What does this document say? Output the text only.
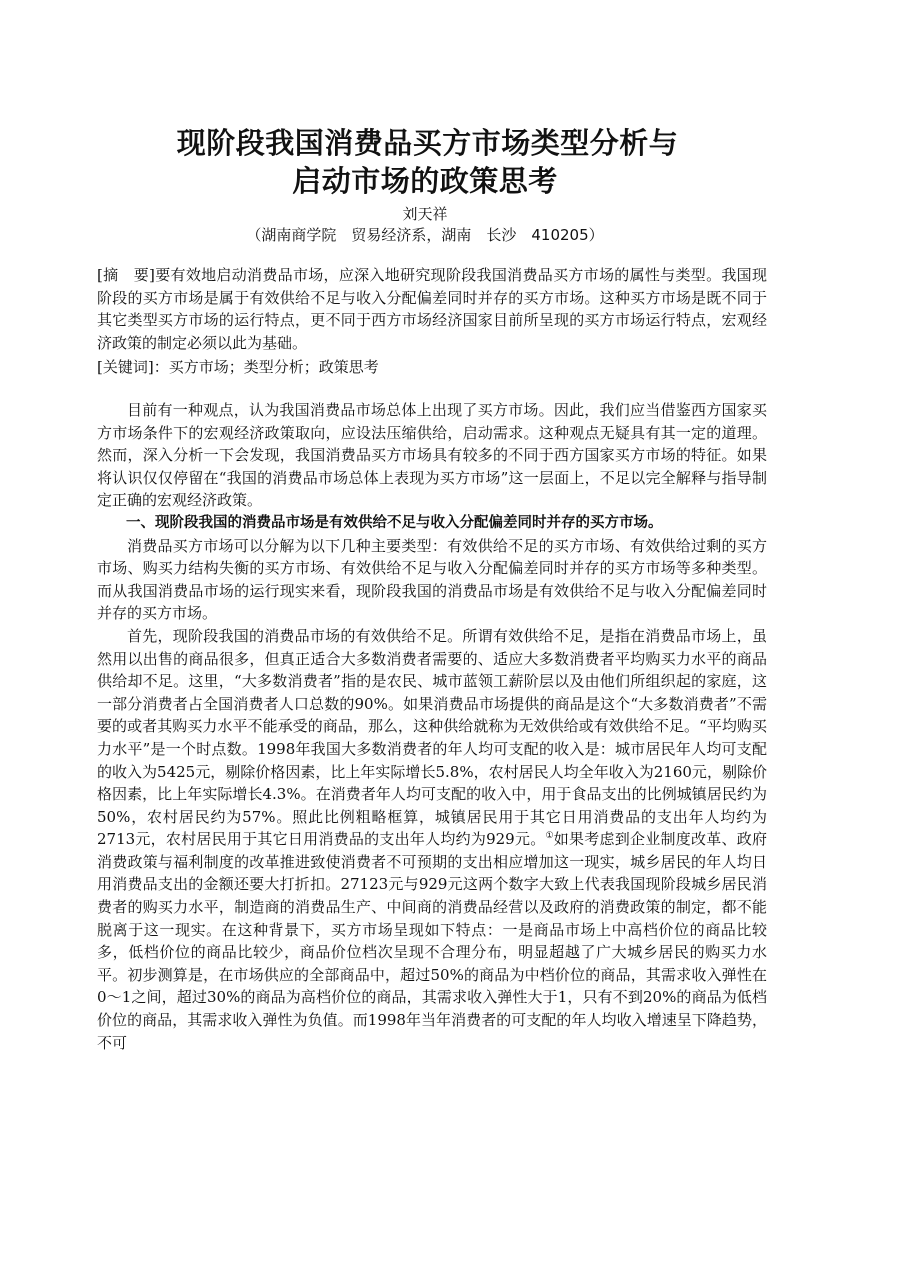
现阶段我国消费品买方市场类型分析与
启动市场的政策思考
刘天祥
（湖南商学院　贸易经济系，湖南　长沙　410205）
[摘　要]要有效地启动消费品市场，应深入地研究现阶段我国消费品买方市场的属性与类型。我国现阶段的买方市场是属于有效供给不足与收入分配偏差同时并存的买方市场。这种买方市场是既不同于其它类型买方市场的运行特点，更不同于西方市场经济国家目前所呈现的买方市场运行特点，宏观经济政策的制定必须以此为基础。
[关键词]：买方市场；类型分析；政策思考

目前有一种观点，认为我国消费品市场总体上出现了买方市场。因此，我们应当借鉴西方国家买方市场条件下的宏观经济政策取向，应设法压缩供给，启动需求。这种观点无疑具有其一定的道理。然而，深入分析一下会发现，我国消费品买方市场具有较多的不同于西方国家买方市场的特征。如果将认识仅仅停留在“我国的消费品市场总体上表现为买方市场”这一层面上，不足以完全解释与指导制定正确的宏观经济政策。

一、现阶段我国的消费品市场是有效供给不足与收入分配偏差同时并存的买方市场。

消费品买方市场可以分解为以下几种主要类型：有效供给不足的买方市场、有效供给过剩的买方市场、购买力结构失衡的买方市场、有效供给不足与收入分配偏差同时并存的买方市场等多种类型。而从我国消费品市场的运行现实来看，现阶段我国的消费品市场是有效供给不足与收入分配偏差同时并存的买方市场。

首先，现阶段我国的消费品市场的有效供给不足。所谓有效供给不足，是指在消费品市场上，虽然用以出售的商品很多，但真正适合大多数消费者需要的、适应大多数消费者平均购买力水平的商品供给却不足。这里，“大多数消费者”指的是农民、城市蓝领工薪阶层以及由他们所组织起的家庭，这一部分消费者占全国消费者人口总数的90%。如果消费品市场提供的商品是这个“大多数消费者”不需要的或者其购买力水平不能承受的商品，那么，这种供给就称为无效供给或有效供给不足。“平均购买力水平”是一个时点数。1998年我国大多数消费者的年人均可支配的收入是：城市居民年人均可支配的收入为5425元，剔除价格因素，比上年实际增长5.8%，农村居民人均全年收入为2160元，剔除价格因素，比上年实际增长4.3%。在消费者年人均可支配的收入中，用于食品支出的比例城镇居民约为50%，农村居民约为57%。照此比例粗略框算，城镇居民用于其它日用消费品的支出年人均约为2713元，农村居民用于其它日用消费品的支出年人均约为929元。①如果考虑到企业制度改革、政府消费政策与福利制度的改革推进致使消费者不可预期的支出相应增加这一现实，城乡居民的年人均日用消费品支出的金额还要大打折扣。27123元与929元这两个数字大致上代表我国现阶段城乡居民消费者的购买力水平，制造商的消费品生产、中间商的消费品经营以及政府的消费政策的制定，都不能脱离于这一现实。在这种背景下，买方市场呈现如下特点：一是商品市场上中高档价位的商品比较多，低档价位的商品比较少，商品价位档次呈现不合理分布，明显超越了广大城乡居民的购买力水平。初步测算是，在市场供应的全部商品中，超过50%的商品为中档价位的商品，其需求收入弹性在0～1之间，超过30%的商品为高档价位的商品，其需求收入弹性大于1，只有不到20%的商品为低档价位的商品，其需求收入弹性为负值。而1998年当年消费者的可支配的年人均收入增速呈下降趋势，不可
